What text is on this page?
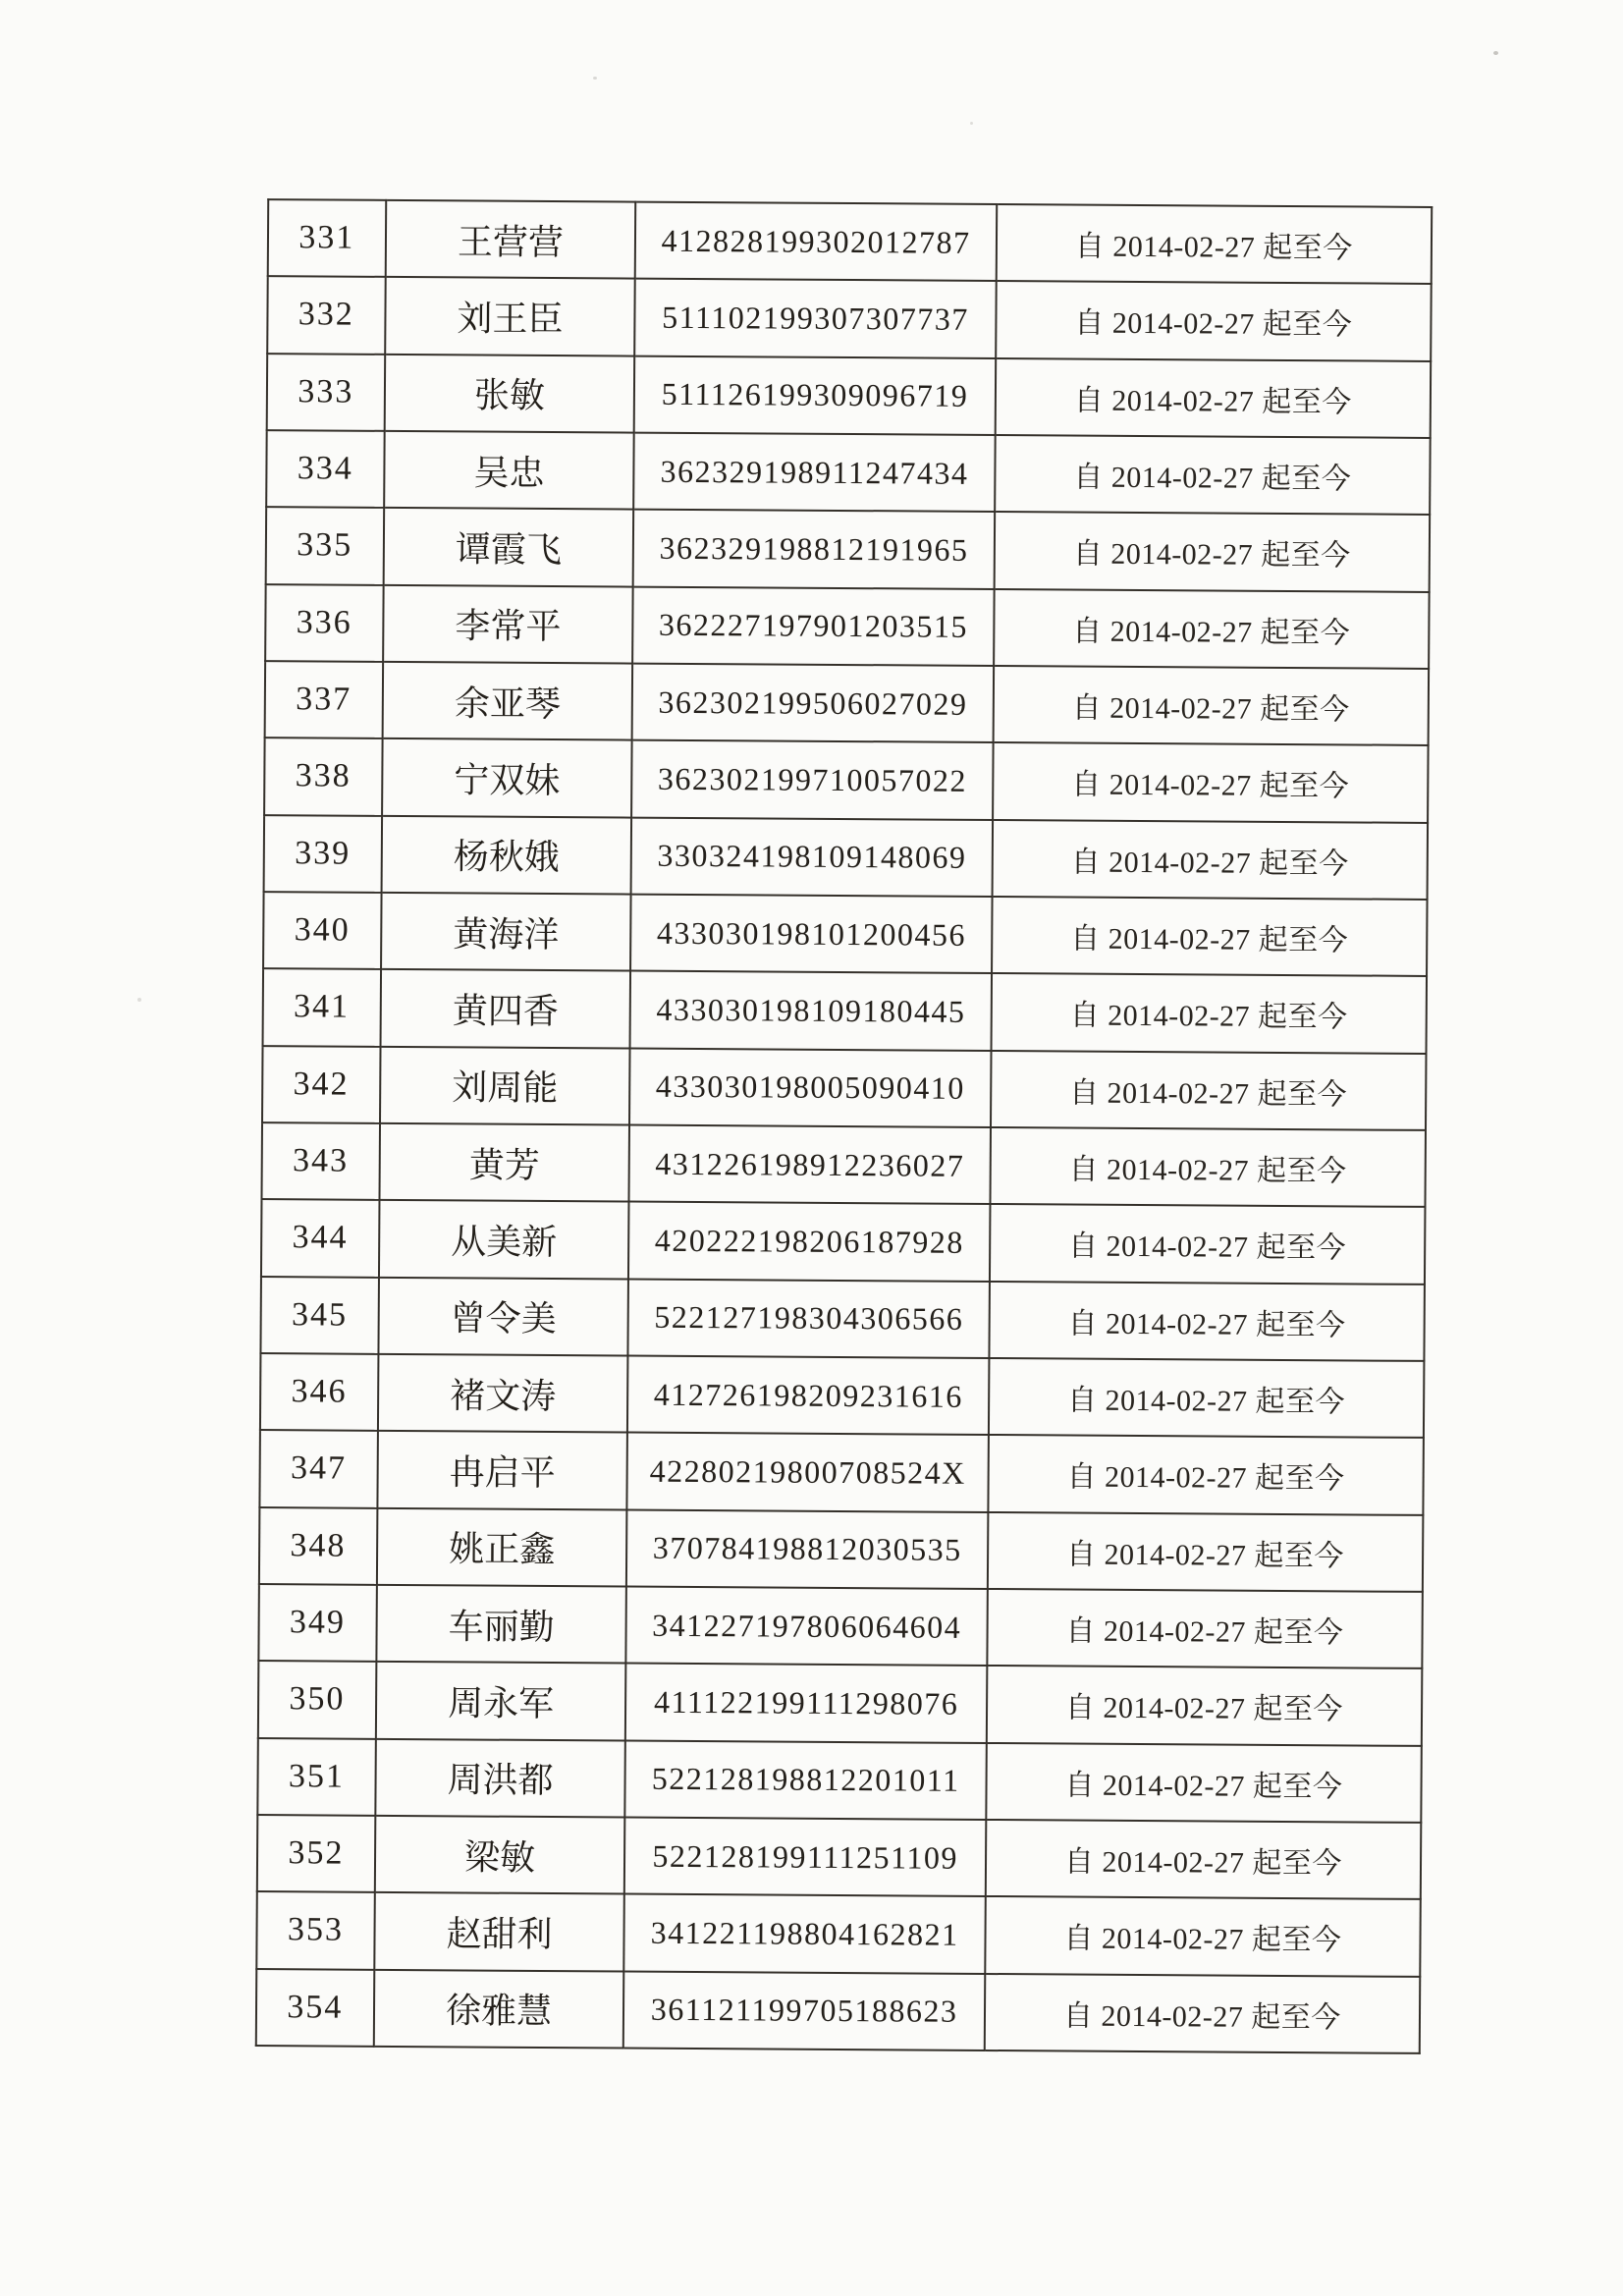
331	王营营	412828199302012787	自 2014-02-27 起至今
332	刘王臣	511102199307307737	自 2014-02-27 起至今
333	张敏	511126199309096719	自 2014-02-27 起至今
334	吴忠	362329198911247434	自 2014-02-27 起至今
335	谭霞飞	362329198812191965	自 2014-02-27 起至今
336	李常平	362227197901203515	自 2014-02-27 起至今
337	余亚琴	362302199506027029	自 2014-02-27 起至今
338	宁双妹	362302199710057022	自 2014-02-27 起至今
339	杨秋娥	330324198109148069	自 2014-02-27 起至今
340	黄海洋	433030198101200456	自 2014-02-27 起至今
341	黄四香	433030198109180445	自 2014-02-27 起至今
342	刘周能	433030198005090410	自 2014-02-27 起至今
343	黄芳	431226198912236027	自 2014-02-27 起至今
344	从美新	420222198206187928	自 2014-02-27 起至今
345	曾令美	522127198304306566	自 2014-02-27 起至今
346	褚文涛	412726198209231616	自 2014-02-27 起至今
347	冉启平	42280219800708524X	自 2014-02-27 起至今
348	姚正鑫	370784198812030535	自 2014-02-27 起至今
349	车丽勤	341227197806064604	自 2014-02-27 起至今
350	周永军	411122199111298076	自 2014-02-27 起至今
351	周洪都	522128198812201011	自 2014-02-27 起至今
352	梁敏	522128199111251109	自 2014-02-27 起至今
353	赵甜利	341221198804162821	自 2014-02-27 起至今
354	徐雅慧	361121199705188623	自 2014-02-27 起至今
